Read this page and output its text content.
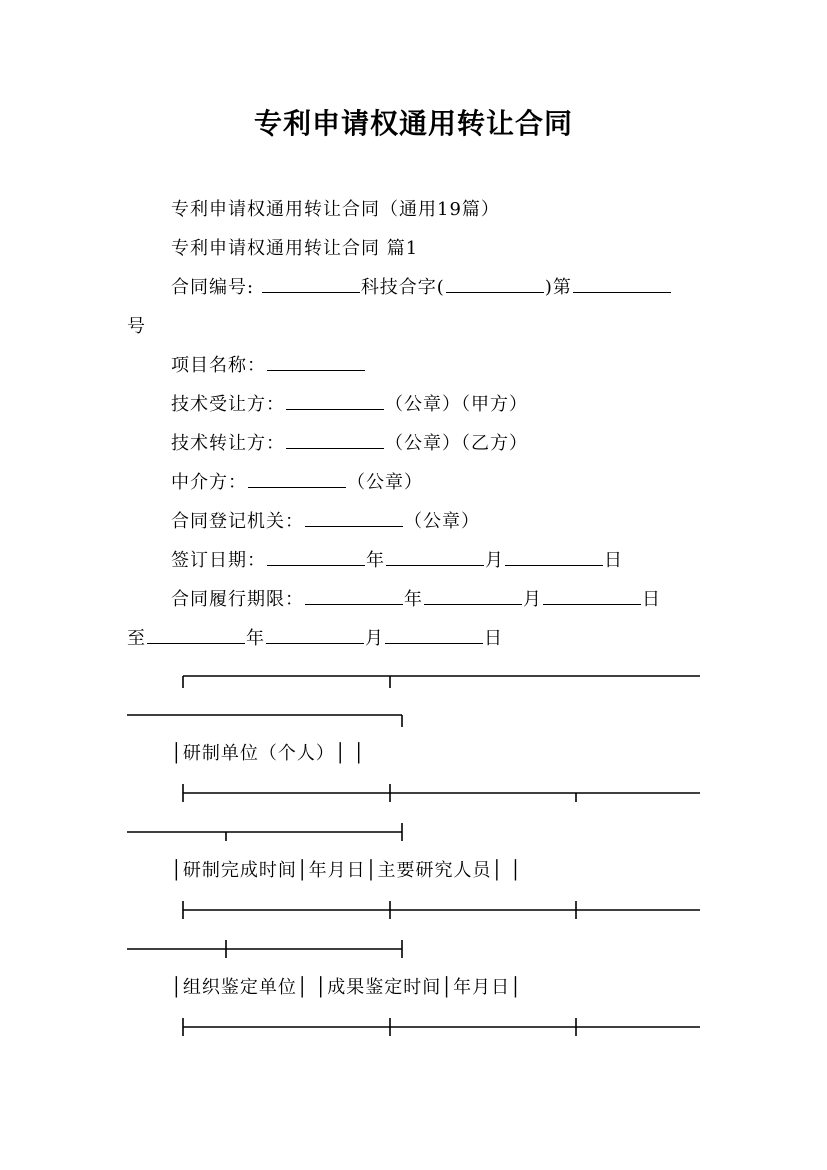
专利申请权通用转让合同
专利申请权通用转让合同（通用19篇）
专利申请权通用转让合同 篇1
合同编号:	科技合字(	)第
号
项目名称：
技术受让方：	（公章）（甲方）
技术转让方：	（公章）（乙方）
中介方：	（公章）
合同登记机关：	（公章）
签订日期：	年	月	日
合同履行期限：	年	月	日
至	年	月	日
│研制单位（个人）│ │
│研制完成时间│年月日│主要研究人员│ │
│组织鉴定单位│ │成果鉴定时间│年月日│
